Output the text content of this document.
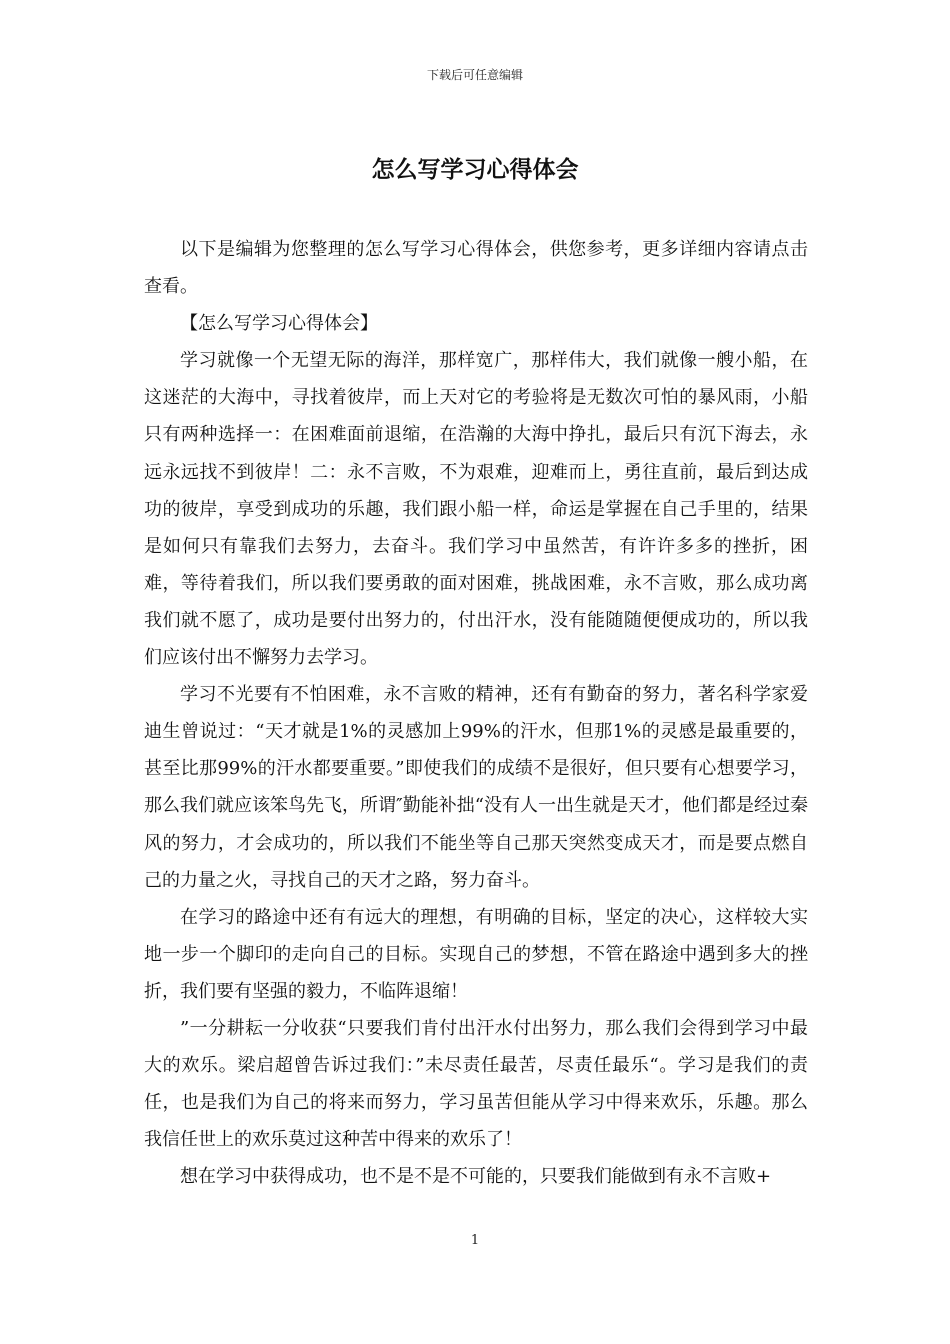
下载后可任意编辑
怎么写学习心得体会

以下是编辑为您整理的怎么写学习心得体会，供您参考，更多详细内容请点击查看。

【怎么写学习心得体会】

学习就像一个无望无际的海洋，那样宽广，那样伟大，我们就像一艘小船，在这迷茫的大海中，寻找着彼岸，而上天对它的考验将是无数次可怕的暴风雨，小船只有两种选择一：在困难面前退缩，在浩瀚的大海中挣扎，最后只有沉下海去，永远永远找不到彼岸！二：永不言败，不为艰难，迎难而上，勇往直前，最后到达成功的彼岸，享受到成功的乐趣，我们跟小船一样，命运是掌握在自己手里的，结果是如何只有靠我们去努力，去奋斗。我们学习中虽然苦，有许许多多的挫折，困难，等待着我们，所以我们要勇敢的面对困难，挑战困难，永不言败，那么成功离我们就不愿了，成功是要付出努力的，付出汗水，没有能随随便便成功的，所以我们应该付出不懈努力去学习。

学习不光要有不怕困难，永不言败的精神，还有有勤奋的努力，著名科学家爱迪生曾说过：“天才就是1%的灵感加上99%的汗水，但那1%的灵感是最重要的，甚至比那99%的汗水都要重要。”即使我们的成绩不是很好，但只要有心想要学习，那么我们就应该笨鸟先飞，所谓″勤能补拙“没有人一出生就是天才，他们都是经过秦风的努力，才会成功的，所以我们不能坐等自己那天突然变成天才，而是要点燃自己的力量之火，寻找自己的天才之路，努力奋斗。

在学习的路途中还有有远大的理想，有明确的目标，坚定的决心，这样较大实地一步一个脚印的走向自己的目标。实现自己的梦想，不管在路途中遇到多大的挫折，我们要有坚强的毅力，不临阵退缩！

”一分耕耘一分收获“只要我们肯付出汗水付出努力，那么我们会得到学习中最大的欢乐。梁启超曾告诉过我们：”未尽责任最苦，尽责任最乐“。学习是我们的责任，也是我们为自己的将来而努力，学习虽苦但能从学习中得来欢乐，乐趣。那么我信任世上的欢乐莫过这种苦中得来的欢乐了！

想在学习中获得成功，也不是不是不可能的，只要我们能做到有永不言败+

1
